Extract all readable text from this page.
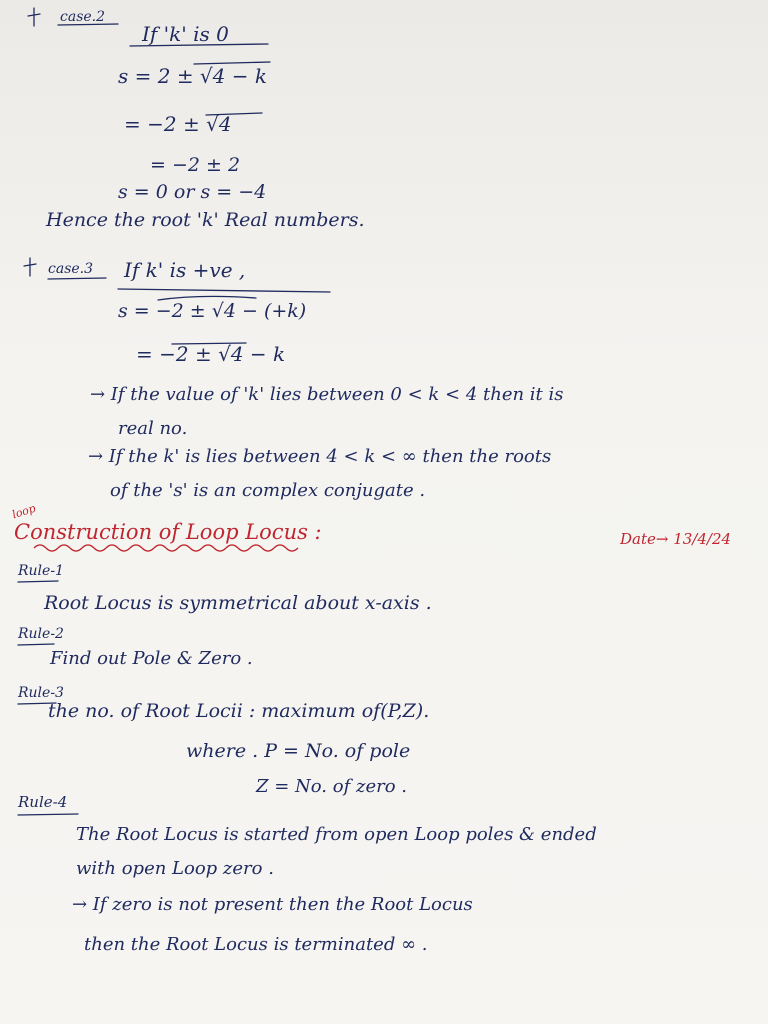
case.2
If 'k' is 0
s = 2 ± √4 − k
= −2 ± √4
= −2 ± 2
s = 0 or s = −4
Hence the root 'k' Real numbers.
case.3 If k' is +ve ,
s = −2 ± √4 − (+k)
= −2 ± √4 − k
→ If the value of 'k' lies between 0 < k < 4 then it is
real no.
→ If the k' is lies between 4 < k < ∞ then the roots
of the 's' is an complex conjugate .
loop
Construction of Loop Locus :	Date→ 13/4/24
Rule-1
Root Locus is symmetrical about x-axis .
Rule-2
Find out Pole & Zero .
Rule-3
the no. of Root Locii : maximum of(P,Z).
where . P = No. of pole
Z = No. of zero .
Rule-4
The Root Locus is started from open Loop poles & ended
with open Loop zero .
→ If zero is not present then the Root Locus
then the Root Locus is terminated ∞ .
